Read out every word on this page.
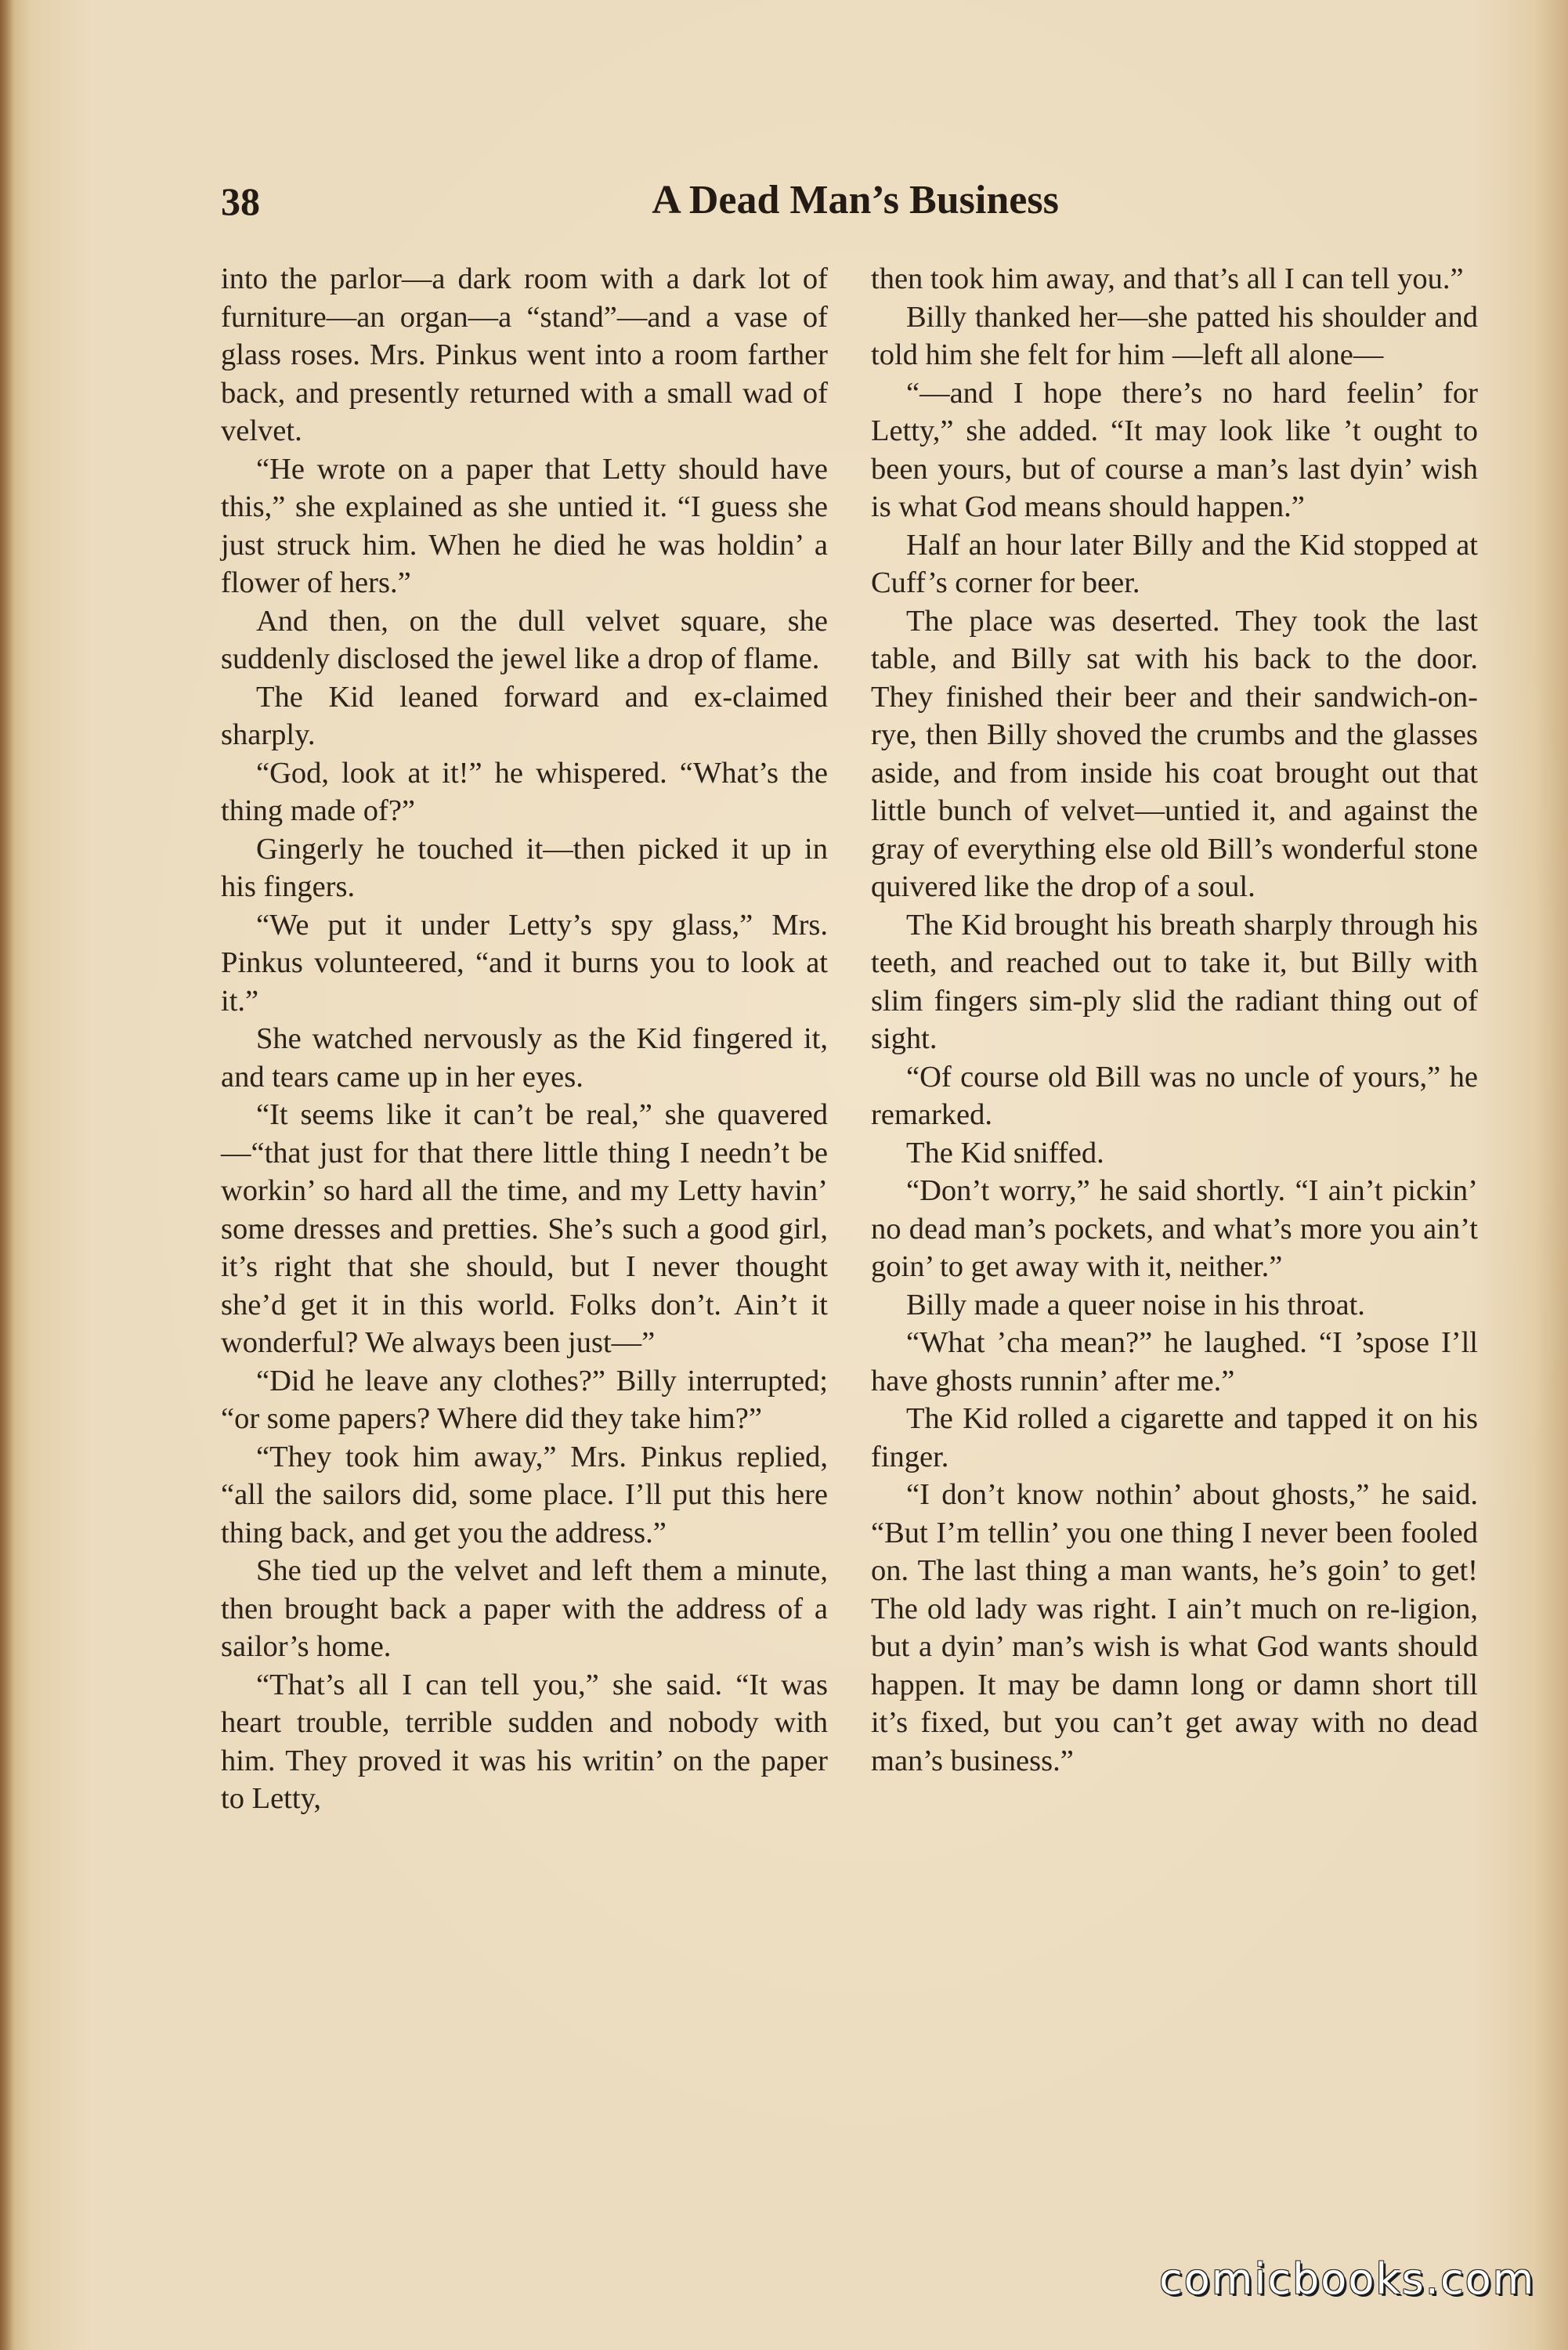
38	A Dead Man’s Business

into the parlor—a dark room with a dark lot of furniture—an organ—a “stand”—and a vase of glass roses. Mrs. Pinkus went into a room farther back, and presently returned with a small wad of velvet.

“He wrote on a paper that Letty should have this,” she explained as she untied it. “I guess she just struck him. When he died he was holdin’ a flower of hers.”

And then, on the dull velvet square, she suddenly disclosed the jewel like a drop of flame.

The Kid leaned forward and ex-claimed sharply.

“God, look at it!” he whispered. “What’s the thing made of?”

Gingerly he touched it—then picked it up in his fingers.

“We put it under Letty’s spy glass,” Mrs. Pinkus volunteered, “and it burns you to look at it.”

She watched nervously as the Kid fingered it, and tears came up in her eyes.

“It seems like it can’t be real,” she quavered—“that just for that there little thing I needn’t be workin’ so hard all the time, and my Letty havin’ some dresses and pretties. She’s such a good girl, it’s right that she should, but I never thought she’d get it in this world. Folks don’t. Ain’t it wonderful? We always been just—”

“Did he leave any clothes?” Billy interrupted; “or some papers? Where did they take him?”

“They took him away,” Mrs. Pinkus replied, “all the sailors did, some place. I’ll put this here thing back, and get you the address.”

She tied up the velvet and left them a minute, then brought back a paper with the address of a sailor’s home.

“That’s all I can tell you,” she said. “It was heart trouble, terrible sudden and nobody with him. They proved it was his writin’ on the paper to Letty,

then took him away, and that’s all I can tell you.”

Billy thanked her—she patted his shoulder and told him she felt for him —left all alone—

“—and I hope there’s no hard feelin’ for Letty,” she added. “It may look like ’t ought to been yours, but of course a man’s last dyin’ wish is what God means should happen.”

Half an hour later Billy and the Kid stopped at Cuff’s corner for beer.

The place was deserted. They took the last table, and Billy sat with his back to the door. They finished their beer and their sandwich-on-rye, then Billy shoved the crumbs and the glasses aside, and from inside his coat brought out that little bunch of velvet—untied it, and against the gray of everything else old Bill’s wonderful stone quivered like the drop of a soul.

The Kid brought his breath sharply through his teeth, and reached out to take it, but Billy with slim fingers sim-ply slid the radiant thing out of sight.

“Of course old Bill was no uncle of yours,” he remarked.

The Kid sniffed.

“Don’t worry,” he said shortly. “I ain’t pickin’ no dead man’s pockets, and what’s more you ain’t goin’ to get away with it, neither.”

Billy made a queer noise in his throat.

“What ’cha mean?” he laughed. “I ’spose I’ll have ghosts runnin’ after me.”

The Kid rolled a cigarette and tapped it on his finger.

“I don’t know nothin’ about ghosts,” he said. “But I’m tellin’ you one thing I never been fooled on. The last thing a man wants, he’s goin’ to get! The old lady was right. I ain’t much on re-ligion, but a dyin’ man’s wish is what God wants should happen. It may be damn long or damn short till it’s fixed, but you can’t get away with no dead man’s business.”

comicbooks.com
